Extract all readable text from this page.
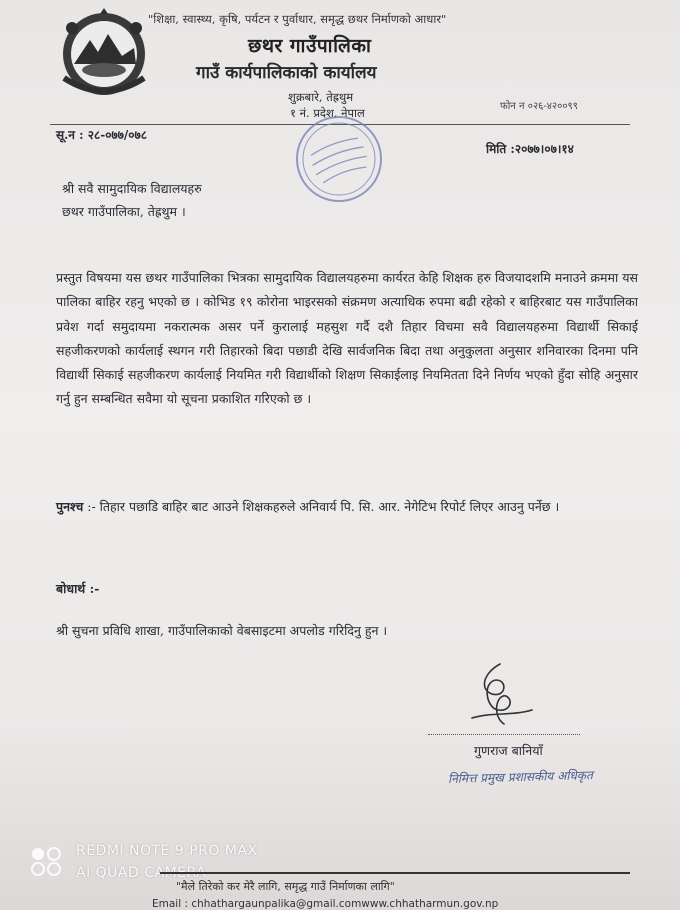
"शिक्षा, स्वास्थ्य, कृषि, पर्यटन र पुर्वाधार, समृद्ध छथर निर्माणको आधार"
छथर गाउँपालिका
गाउँ कार्यपालिकाको कार्यालय
शुक्रबारे, तेह्रथुम
१ नं. प्रदेश, नेपाल	फोन न ०२६-४२००९९
सू.न : २८-०७७/०७८
मिति :२०७७।०७।१४
श्री सवै सामुदायिक विद्यालयहरु
छथर गाउँपालिका, तेह्रथुम ।
प्रस्तुत विषयमा यस छथर गाउँपालिका भित्रका सामुदायिक विद्यालयहरुमा कार्यरत केहि शिक्षक हरु विजयादशमि मनाउने क्रममा यस पालिका बाहिर रहनु भएको छ । कोभिड १९ कोरोना भाइरसको संक्रमण अत्याधिक रुपमा बढी रहेको र बाहिरबाट यस गाउँपालिका प्रवेश गर्दा समुदायमा नकरात्मक असर पर्ने कुरालाई महसुश गर्दै दशै तिहार विचमा सवै विद्यालयहरुमा विद्यार्थी सिकाई सहजीकरणको कार्यलाई स्थगन गरी तिहारको बिदा पछाडी देखि सार्वजनिक बिदा तथा अनुकुलता अनुसार शनिवारका दिनमा पनि विद्यार्थी सिकाई सहजीकरण कार्यलाई नियमित गरी विद्यार्थीको शिक्षण सिकाईलाइ नियमितता दिने निर्णय भएको हुँदा सोहि अनुसार गर्नु हुन सम्बन्धित सवैमा यो सूचना प्रकाशित गरिएको छ ।
पुनश्च :- तिहार पछाडि बाहिर बाट आउने शिक्षकहरुले अनिवार्य पि. सि. आर. नेगेटिभ रिपोर्ट लिएर आउनु पर्नेछ ।
बोधार्थ :-
श्री सुचना प्रविधि शाखा, गाउँपालिकाको वेबसाइटमा अपलोड गरिदिनु हुन ।
गुणराज बानियाँ
निमित्त प्रमुख प्रशासकीय अधिकृत
REDMI NOTE 9 PRO MAX
AI QUAD CAMERA
"मैले तिरेको कर मेरै लागि, समृद्ध गाउँ निर्माणका लागि"
Email : chhathargaunpalika@gmail.comwww.chhatharmun.gov.np
